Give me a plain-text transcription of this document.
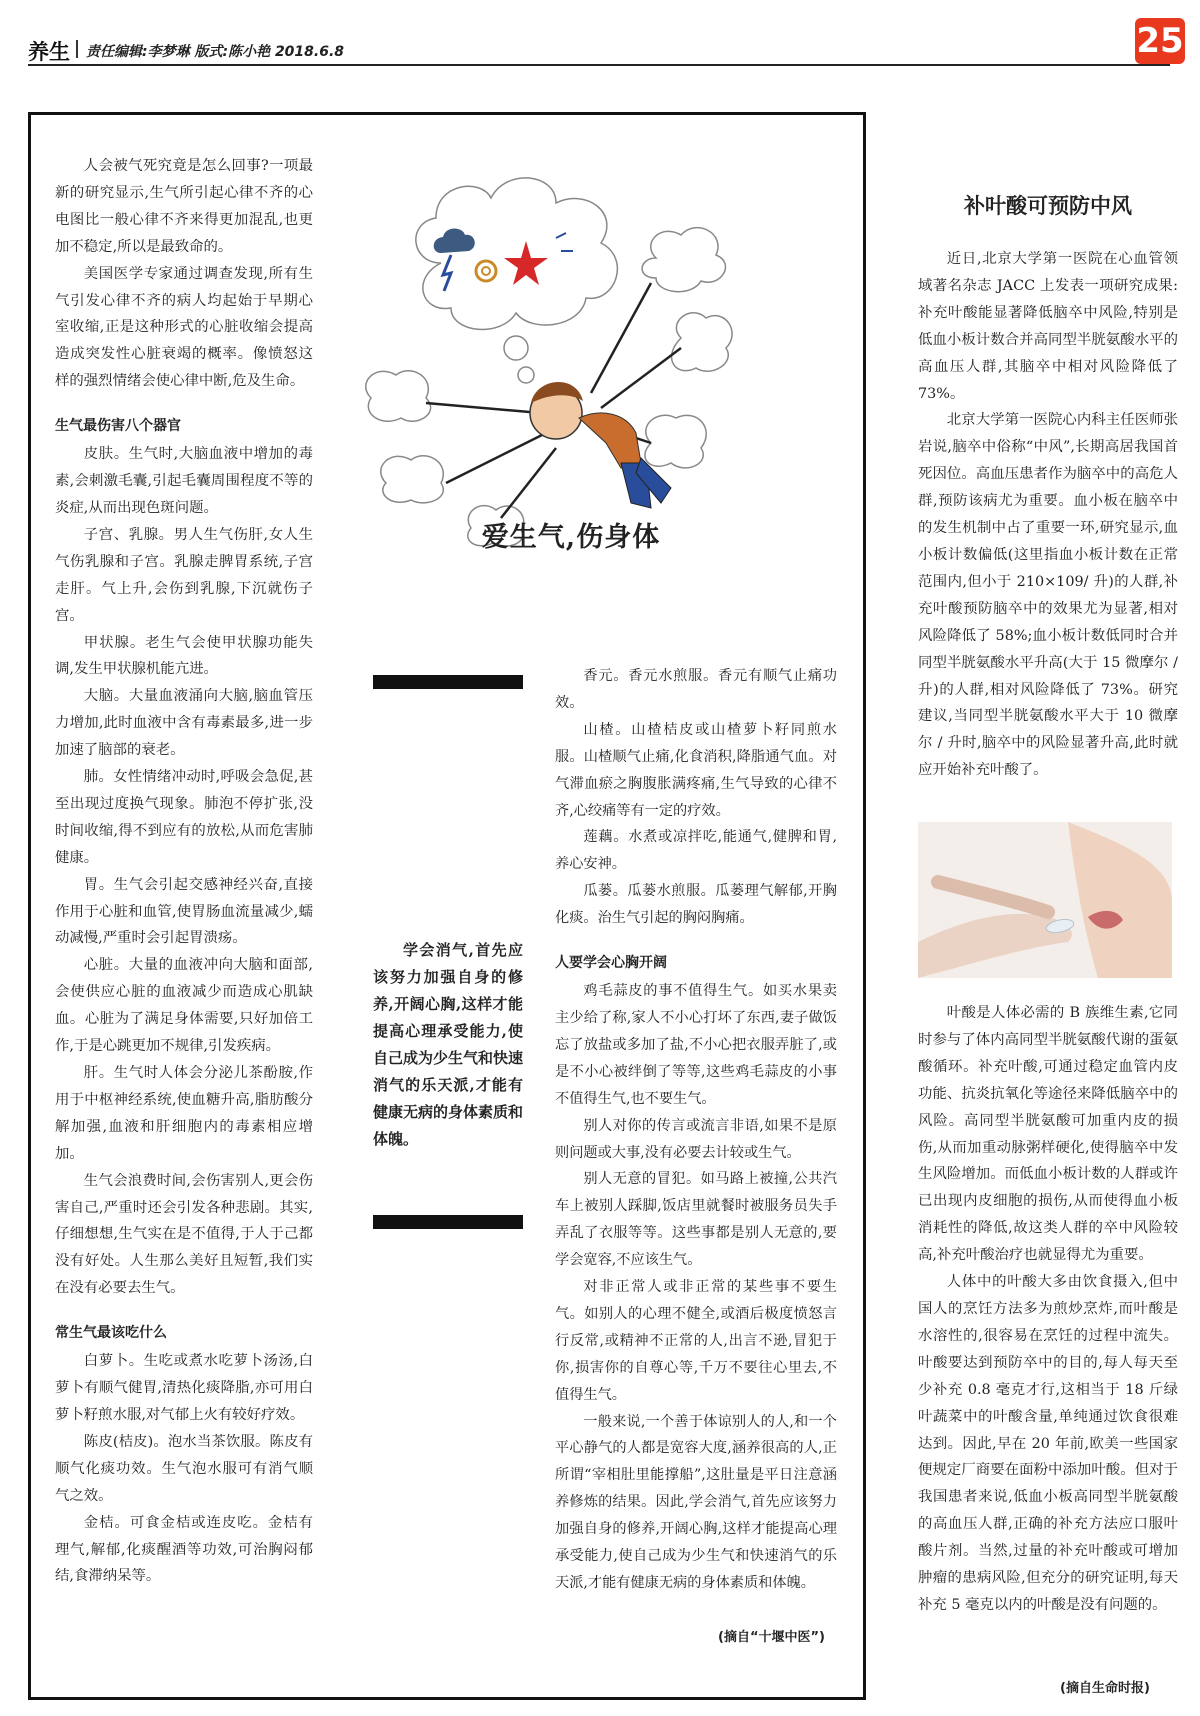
养生 责任编辑:李梦琳 版式:陈小艳 2018.6.8	25

人会被气死究竟是怎么回事?一项最新的研究显示,生气所引起心律不齐的心电图比一般心律不齐来得更加混乱,也更加不稳定,所以是最致命的。

美国医学专家通过调查发现,所有生气引发心律不齐的病人均起始于早期心室收缩,正是这种形式的心脏收缩会提高造成突发性心脏衰竭的概率。像愤怒这样的强烈情绪会使心律中断,危及生命。

生气最伤害八个器官

皮肤。生气时,大脑血液中增加的毒素,会刺激毛囊,引起毛囊周围程度不等的炎症,从而出现色斑问题。

子宫、乳腺。男人生气伤肝,女人生气伤乳腺和子宫。乳腺走脾胃系统,子宫走肝。气上升,会伤到乳腺,下沉就伤子宫。

甲状腺。老生气会使甲状腺功能失调,发生甲状腺机能亢进。

大脑。大量血液涌向大脑,脑血管压力增加,此时血液中含有毒素最多,进一步加速了脑部的衰老。

肺。女性情绪冲动时,呼吸会急促,甚至出现过度换气现象。肺泡不停扩张,没时间收缩,得不到应有的放松,从而危害肺健康。

胃。生气会引起交感神经兴奋,直接作用于心脏和血管,使胃肠血流量减少,蠕动减慢,严重时会引起胃溃疡。

心脏。大量的血液冲向大脑和面部,会使供应心脏的血液减少而造成心肌缺血。心脏为了满足身体需要,只好加倍工作,于是心跳更加不规律,引发疾病。

肝。生气时人体会分泌儿茶酚胺,作用于中枢神经系统,使血糖升高,脂肪酸分解加强,血液和肝细胞内的毒素相应增加。

生气会浪费时间,会伤害别人,更会伤害自己,严重时还会引发各种悲剧。其实,仔细想想,生气实在是不值得,于人于己都没有好处。人生那么美好且短暂,我们实在没有必要去生气。

常生气最该吃什么

白萝卜。生吃或煮水吃萝卜汤汤,白萝卜有顺气健胃,清热化痰降脂,亦可用白萝卜籽煎水服,对气郁上火有较好疗效。

陈皮(桔皮)。泡水当茶饮服。陈皮有顺气化痰功效。生气泡水服可有消气顺气之效。

金桔。可食金桔或连皮吃。金桔有理气,解郁,化痰醒酒等功效,可治胸闷郁结,食滞纳呆等。

爱生气,伤身体
学会消气,首先应该努力加强自身的修养,开阔心胸,这样才能提高心理承受能力,使自己成为少生气和快速消气的乐天派,才能有健康无病的身体素质和体魄。

香元。香元水煎服。香元有顺气止痛功效。

山楂。山楂桔皮或山楂萝卜籽同煎水服。山楂顺气止痛,化食消积,降脂通气血。对气滞血瘀之胸腹胀满疼痛,生气导致的心律不齐,心绞痛等有一定的疗效。

莲藕。水煮或凉拌吃,能通气,健脾和胃,养心安神。

瓜蒌。瓜蒌水煎服。瓜蒌理气解郁,开胸化痰。治生气引起的胸闷胸痛。

人要学会心胸开阔

鸡毛蒜皮的事不值得生气。如买水果卖主少给了称,家人不小心打坏了东西,妻子做饭忘了放盐或多加了盐,不小心把衣服弄脏了,或是不小心被绊倒了等等,这些鸡毛蒜皮的小事不值得生气,也不要生气。

别人对你的传言或流言非语,如果不是原则问题或大事,没有必要去计较或生气。

别人无意的冒犯。如马路上被撞,公共汽车上被别人踩脚,饭店里就餐时被服务员失手弄乱了衣服等等。这些事都是别人无意的,要学会宽容,不应该生气。

对非正常人或非正常的某些事不要生气。如别人的心理不健全,或酒后极度愤怒言行反常,或精神不正常的人,出言不逊,冒犯于你,损害你的自尊心等,千万不要往心里去,不值得生气。

一般来说,一个善于体谅别人的人,和一个平心静气的人都是宽容大度,涵养很高的人,正所谓“宰相肚里能撑船”,这肚量是平日注意涵养修炼的结果。因此,学会消气,首先应该努力加强自身的修养,开阔心胸,这样才能提高心理承受能力,使自己成为少生气和快速消气的乐天派,才能有健康无病的身体素质和体魄。

(摘自“十堰中医”)
补叶酸可预防中风

近日,北京大学第一医院在心血管领域著名杂志 JACC 上发表一项研究成果:补充叶酸能显著降低脑卒中风险,特别是低血小板计数合并高同型半胱氨酸水平的高血压人群,其脑卒中相对风险降低了 73%。

北京大学第一医院心内科主任医师张岩说,脑卒中俗称“中风”,长期高居我国首死因位。高血压患者作为脑卒中的高危人群,预防该病尤为重要。血小板在脑卒中的发生机制中占了重要一环,研究显示,血小板计数偏低(这里指血小板计数在正常范围内,但小于 210×109/ 升)的人群,补充叶酸预防脑卒中的效果尤为显著,相对风险降低了 58%;血小板计数低同时合并同型半胱氨酸水平升高(大于 15 微摩尔 / 升)的人群,相对风险降低了 73%。研究建议,当同型半胱氨酸水平大于 10 微摩尔 / 升时,脑卒中的风险显著升高,此时就应开始补充叶酸了。

叶酸是人体必需的 B 族维生素,它同时参与了体内高同型半胱氨酸代谢的蛋氨酸循环。补充叶酸,可通过稳定血管内皮功能、抗炎抗氧化等途径来降低脑卒中的风险。高同型半胱氨酸可加重内皮的损伤,从而加重动脉粥样硬化,使得脑卒中发生风险增加。而低血小板计数的人群或许已出现内皮细胞的损伤,从而使得血小板消耗性的降低,故这类人群的卒中风险较高,补充叶酸治疗也就显得尤为重要。

人体中的叶酸大多由饮食摄入,但中国人的烹饪方法多为煎炒烹炸,而叶酸是水溶性的,很容易在烹饪的过程中流失。叶酸要达到预防卒中的目的,每人每天至少补充 0.8 毫克才行,这相当于 18 斤绿叶蔬菜中的叶酸含量,单纯通过饮食很难达到。因此,早在 20 年前,欧美一些国家便规定厂商要在面粉中添加叶酸。但对于我国患者来说,低血小板高同型半胱氨酸的高血压人群,正确的补充方法应口服叶酸片剂。当然,过量的补充叶酸或可增加肿瘤的患病风险,但充分的研究证明,每天补充 5 毫克以内的叶酸是没有问题的。

(摘自生命时报)
